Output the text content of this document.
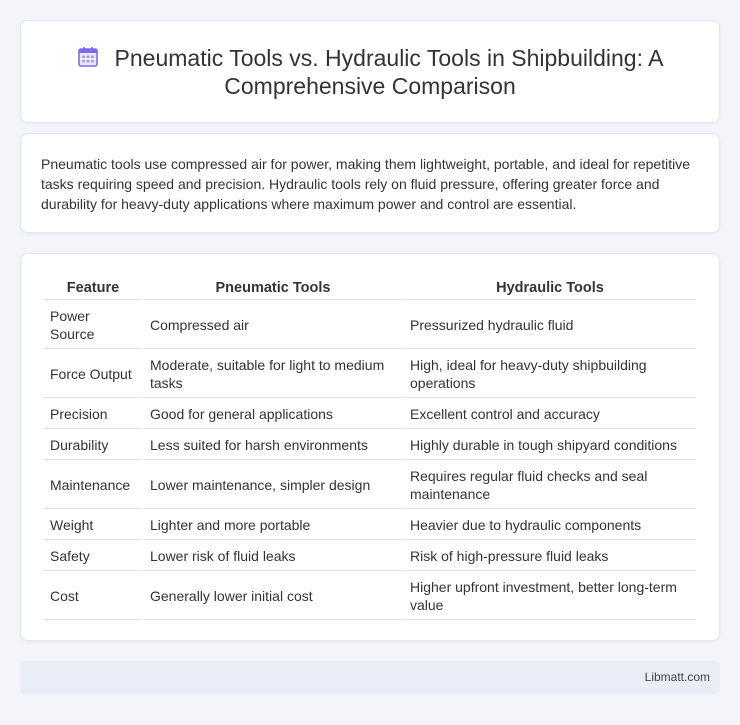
Pneumatic Tools vs. Hydraulic Tools in Shipbuilding: A Comprehensive Comparison

Pneumatic tools use compressed air for power, making them lightweight, portable, and ideal for repetitive tasks requiring speed and precision. Hydraulic tools rely on fluid pressure, offering greater force and durability for heavy-duty applications where maximum power and control are essential.

Feature	Pneumatic Tools	Hydraulic Tools
Power Source	Compressed air	Pressurized hydraulic fluid
Force Output	Moderate, suitable for light to medium tasks	High, ideal for heavy-duty shipbuilding operations
Precision	Good for general applications	Excellent control and accuracy
Durability	Less suited for harsh environments	Highly durable in tough shipyard conditions
Maintenance	Lower maintenance, simpler design	Requires regular fluid checks and seal maintenance
Weight	Lighter and more portable	Heavier due to hydraulic components
Safety	Lower risk of fluid leaks	Risk of high-pressure fluid leaks
Cost	Generally lower initial cost	Higher upfront investment, better long-term value
Libmatt.com
